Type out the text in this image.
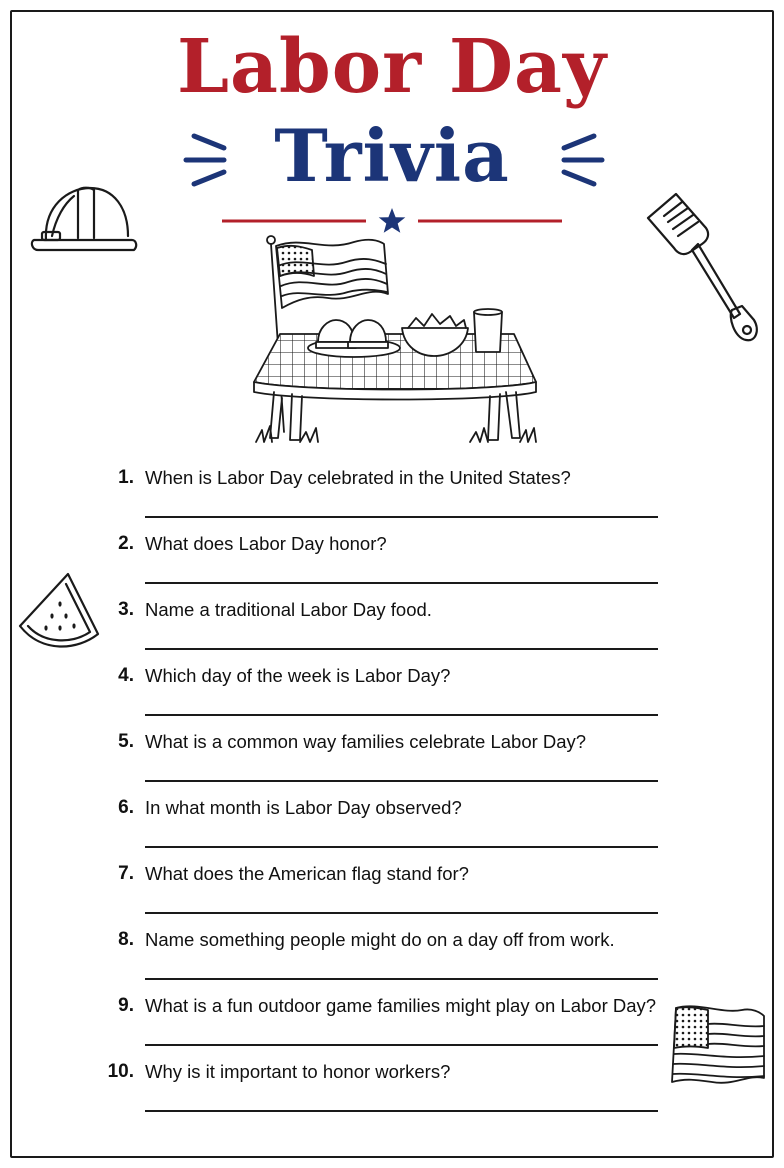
Labor Day
Trivia
1. When is Labor Day celebrated in the United States?
2. What does Labor Day honor?
3. Name a traditional Labor Day food.
4. Which day of the week is Labor Day?
5. What is a common way families celebrate Labor Day?
6. In what month is Labor Day observed?
7. What does the American flag stand for?
8. Name something people might do on a day off from work.
9. What is a fun outdoor game families might play on Labor Day?
10. Why is it important to honor workers?
